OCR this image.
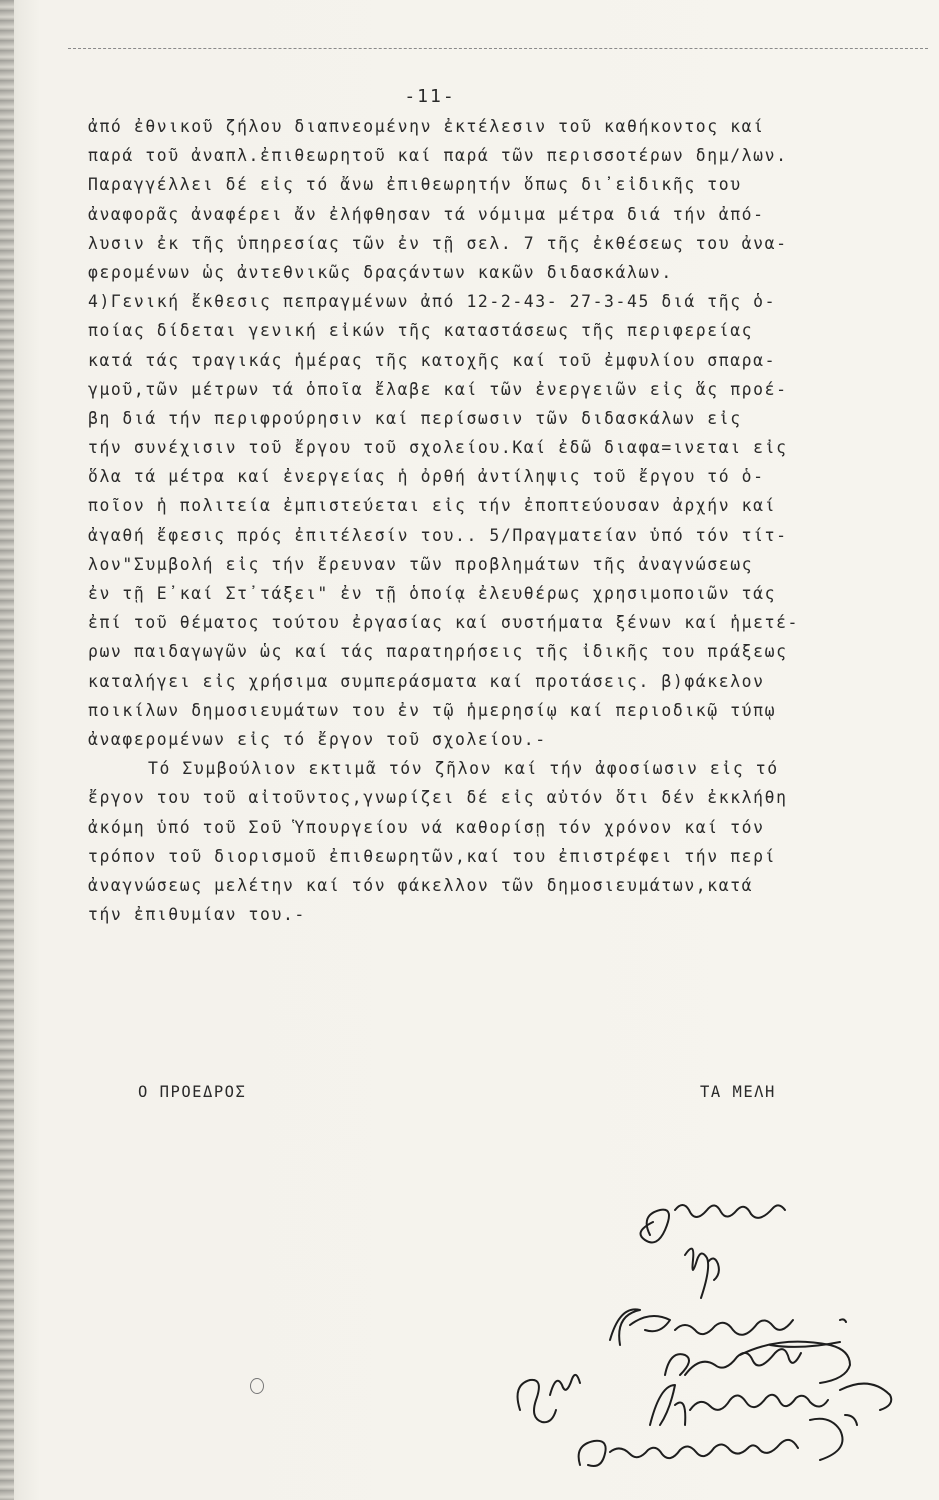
-11-
ἀπό ἐθνικοῦ ζήλου διαπνεομένην ἐκτέλεσιν τοῦ καθήκοντος καί
παρά τοῦ ἀναπλ.ἐπιθεωρητοῦ καί παρά τῶν περισσοτέρων δημ/λων.
Παραγγέλλει δέ εἰς τό ἄνω ἐπιθεωρητήν ὅπως δι᾽εἰδικῆς του
ἀναφορᾶς ἀναφέρει ἄν ἐλήφθησαν τά νόμιμα μέτρα διά τήν ἀπό-
λυσιν ἐκ τῆς ὑπηρεσίας τῶν ἐν τῇ σελ. 7 τῆς ἐκθέσεως του ἀνα-
φερομένων ὡς ἀντεθνικῶς δραςάντων κακῶν διδασκάλων.
4)Γενική ἔκθεσις πεπραγμένων ἀπό 12-2-43- 27-3-45 διά τῆς ὁ-
ποίας δίδεται γενική εἰκών τῆς καταστάσεως τῆς περιφερείας
κατά τάς τραγικάς ἡμέρας τῆς κατοχῆς καί τοῦ ἐμφυλίου σπαρα-
γμοῦ,τῶν μέτρων τά ὁποῖα ἔλαβε καί τῶν ἐνεργειῶν εἰς ἅς προέ-
βη διά τήν περιφρούρησιν καί περίσωσιν τῶν διδασκάλων εἰς
τήν συνέχισιν τοῦ ἔργου τοῦ σχολείου.Καί ἐδῶ διαφα=ινεται εἰς
ὅλα τά μέτρα καί ἐνεργείας ἡ ὀρθή ἀντίληψις τοῦ ἔργου τό ὁ-
ποῖον ἡ πολιτεία ἐμπιστεύεται εἰς τήν ἐποπτεύουσαν ἀρχήν καί
ἀγαθή ἔφεσις πρός ἐπιτέλεσίν του.. 5/Πραγματείαν ὑπό τόν τίτ-
λον"Συμβολή εἰς τήν ἔρευναν τῶν προβλημάτων τῆς ἀναγνώσεως
ἐν τῇ Ε᾽καί Στ᾽τάξει" ἐν τῇ ὁποίᾳ ἐλευθέρως χρησιμοποιῶν τάς
ἐπί τοῦ θέματος τούτου ἐργασίας καί συστήματα ξένων καί ἡμετέ-
ρων παιδαγωγῶν ὡς καί τάς παρατηρήσεις τῆς ἰδικῆς του πράξεως
καταλήγει εἰς χρήσιμα συμπεράσματα καί προτάσεις. β)φάκελον
ποικίλων δημοσιευμάτων του ἐν τῷ ἡμερησίῳ καί περιοδικῷ τύπῳ
ἀναφερομένων εἰς τό ἔργον τοῦ σχολείου.-
Τό Συμβούλιον εκτιμᾶ τόν ζῆλον καί τήν ἀφοσίωσιν εἰς τό
ἔργον του τοῦ αἰτοῦντος,γνωρίζει δέ εἰς αὐτόν ὅτι δέν ἐκκλήθη
ἀκόμη ὑπό τοῦ Σοῦ Ὑπουργείου νά καθορίσῃ τόν χρόνον καί τόν
τρόπον τοῦ διορισμοῦ ἐπιθεωρητῶν,καί του ἐπιστρέφει τήν περί
ἀναγνώσεως μελέτην καί τόν φάκελλον τῶν δημοσιευμάτων,κατά
τήν ἐπιθυμίαν του.-
Ο ΠΡΟΕΔΡΟΣ	ΤΑ ΜΕΛΗ
